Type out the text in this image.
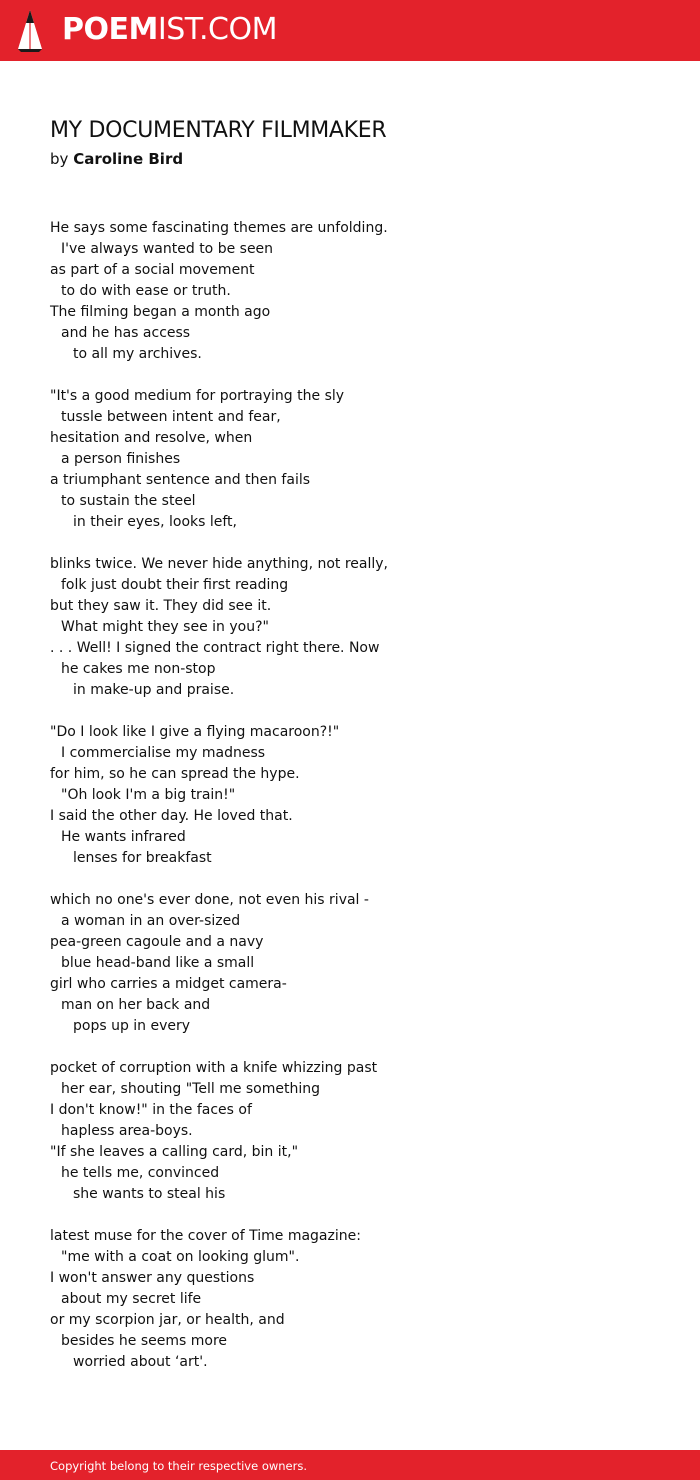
POEMIST.COM
MY DOCUMENTARY FILMMAKER

by Caroline Bird

He says some fascinating themes are unfolding.
I've always wanted to be seen
as part of a social movement
to do with ease or truth.
The filming began a month ago
and he has access
to all my archives.
"It's a good medium for portraying the sly
tussle between intent and fear,
hesitation and resolve, when
a person finishes
a triumphant sentence and then fails
to sustain the steel
in their eyes, looks left,
blinks twice. We never hide anything, not really,
folk just doubt their first reading
but they saw it. They did see it.
What might they see in you?"
. . . Well! I signed the contract right there. Now
he cakes me non-stop
in make-up and praise.
"Do I look like I give a flying macaroon?!"
I commercialise my madness
for him, so he can spread the hype.
"Oh look I'm a big train!"
I said the other day. He loved that.
He wants infrared
lenses for breakfast
which no one's ever done, not even his rival -
a woman in an over-sized
pea-green cagoule and a navy
blue head-band like a small
girl who carries a midget camera-
man on her back and
pops up in every
pocket of corruption with a knife whizzing past
her ear, shouting "Tell me something
I don't know!" in the faces of
hapless area-boys.
"If she leaves a calling card, bin it,"
he tells me, convinced
she wants to steal his
latest muse for the cover of Time magazine:
"me with a coat on looking glum".
I won't answer any questions
about my secret life
or my scorpion jar, or health, and
besides he seems more
worried about ‘art'.
Copyright belong to their respective owners.
